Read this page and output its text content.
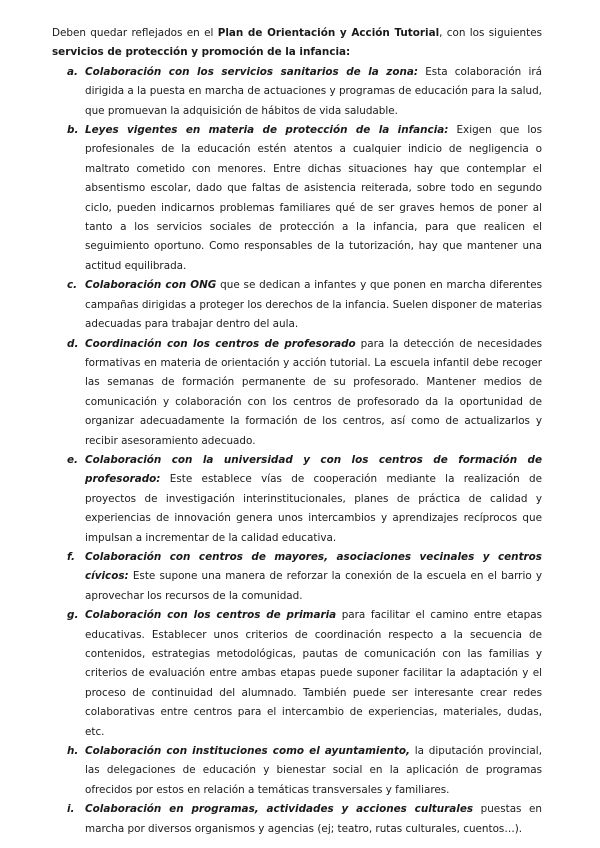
Deben quedar reflejados en el Plan de Orientación y Acción Tutorial, con los siguientes servicios de protección y promoción de la infancia:

a. Colaboración con los servicios sanitarios de la zona: Esta colaboración irá dirigida a la puesta en marcha de actuaciones y programas de educación para la salud, que promuevan la adquisición de hábitos de vida saludable.
b. Leyes vigentes en materia de protección de la infancia: Exigen que los profesionales de la educación estén atentos a cualquier indicio de negligencia o maltrato cometido con menores. Entre dichas situaciones hay que contemplar el absentismo escolar, dado que faltas de asistencia reiterada, sobre todo en segundo ciclo, pueden indicarnos problemas familiares qué de ser graves hemos de poner al tanto a los servicios sociales de protección a la infancia, para que realicen el seguimiento oportuno. Como responsables de la tutorización, hay que mantener una actitud equilibrada.
c. Colaboración con ONG que se dedican a infantes y que ponen en marcha diferentes campañas dirigidas a proteger los derechos de la infancia. Suelen disponer de materias adecuadas para trabajar dentro del aula.
d. Coordinación con los centros de profesorado para la detección de necesidades formativas en materia de orientación y acción tutorial. La escuela infantil debe recoger las semanas de formación permanente de su profesorado. Mantener medios de comunicación y colaboración con los centros de profesorado da la oportunidad de organizar adecuadamente la formación de los centros, así como de actualizarlos y recibir asesoramiento adecuado.
e. Colaboración con la universidad y con los centros de formación de profesorado: Este establece vías de cooperación mediante la realización de proyectos de investigación interinstitucionales, planes de práctica de calidad y experiencias de innovación genera unos intercambios y aprendizajes recíprocos que impulsan a incrementar de la calidad educativa.
f. Colaboración con centros de mayores, asociaciones vecinales y centros cívicos: Este supone una manera de reforzar la conexión de la escuela en el barrio y aprovechar los recursos de la comunidad.
g. Colaboración con los centros de primaria para facilitar el camino entre etapas educativas. Establecer unos criterios de coordinación respecto a la secuencia de contenidos, estrategias metodológicas, pautas de comunicación con las familias y criterios de evaluación entre ambas etapas puede suponer facilitar la adaptación y el proceso de continuidad del alumnado. También puede ser interesante crear redes colaborativas entre centros para el intercambio de experiencias, materiales, dudas, etc.
h. Colaboración con instituciones como el ayuntamiento, la diputación provincial, las delegaciones de educación y bienestar social en la aplicación de programas ofrecidos por estos en relación a temáticas transversales y familiares.
i. Colaboración en programas, actividades y acciones culturales puestas en marcha por diversos organismos y agencias (ej; teatro, rutas culturales, cuentos…).
